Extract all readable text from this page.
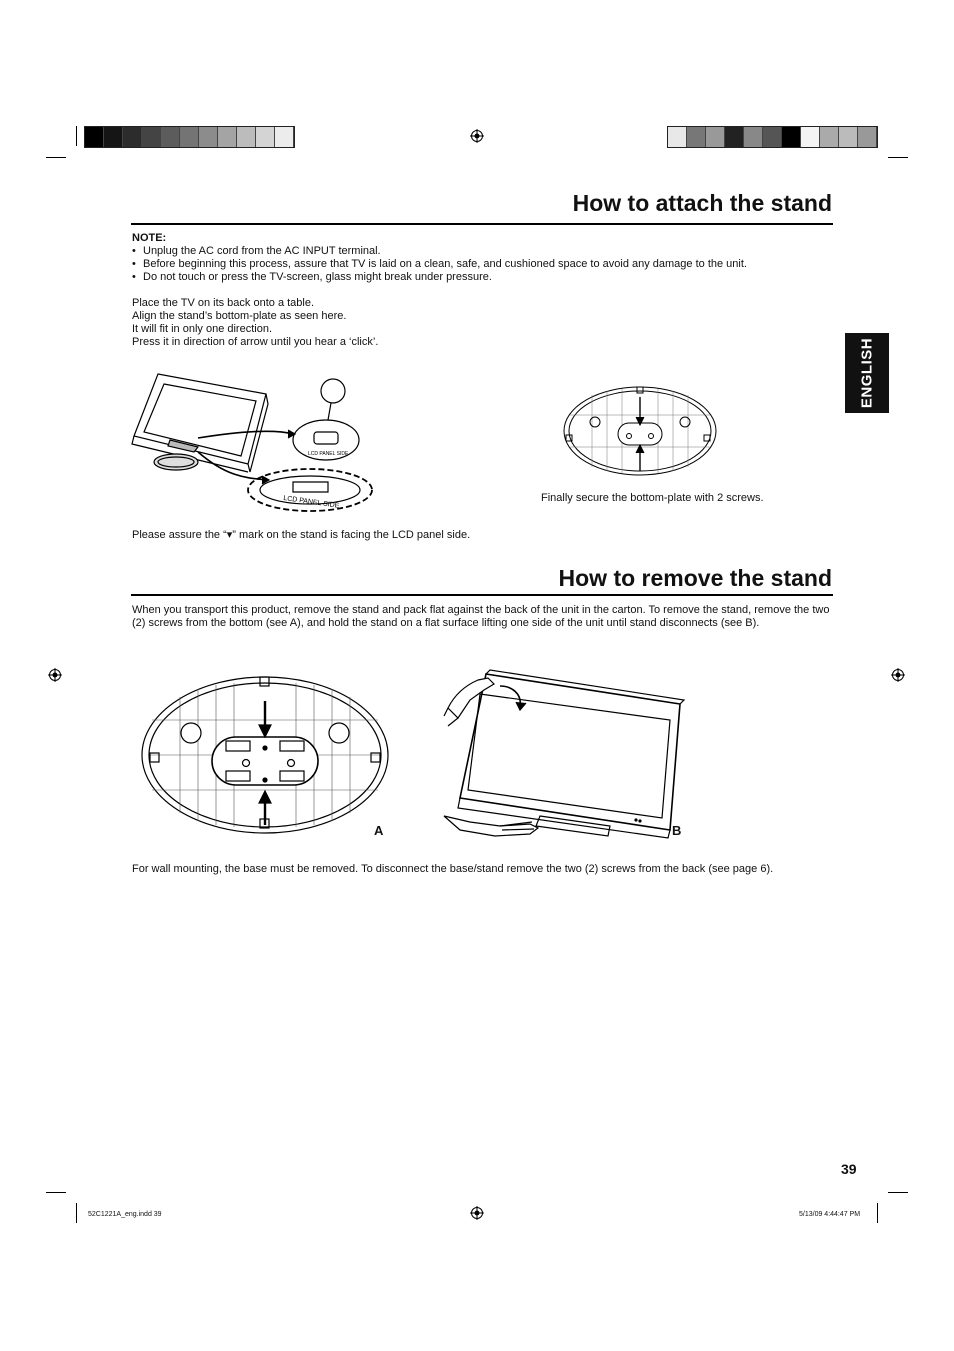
ENGLISH
How to attach the stand
NOTE:
• Unplug the AC cord from the AC INPUT terminal.
• Before beginning this process, assure that TV is laid on a clean, safe, and cushioned space to avoid any damage to the unit.
• Do not touch or press the TV-screen, glass might break under pressure.

Place the TV on its back onto a table.

Align the stand’s bottom-plate as seen here.

It will fit in only one direction.

Press it in direction of arrow until you hear a ‘click’.

LCD PANEL SIDE
LCD PANEL SIDE	Finally secure the bottom-plate with 2 screws.
Please assure the “▾” mark on the stand is facing the LCD panel side.
How to remove the stand
When you transport this product, remove the stand and pack flat against the back of the unit in the carton. To remove the stand, remove the two (2) screws from the bottom (see A), and hold the stand on a flat surface lifting one side of the unit until stand disconnects (see B).
A	B
For wall mounting, the base must be removed. To disconnect the base/stand remove the two (2) screws from the back (see page 6).
39
52C1221A_eng.indd 39	5/13/09 4:44:47 PM
